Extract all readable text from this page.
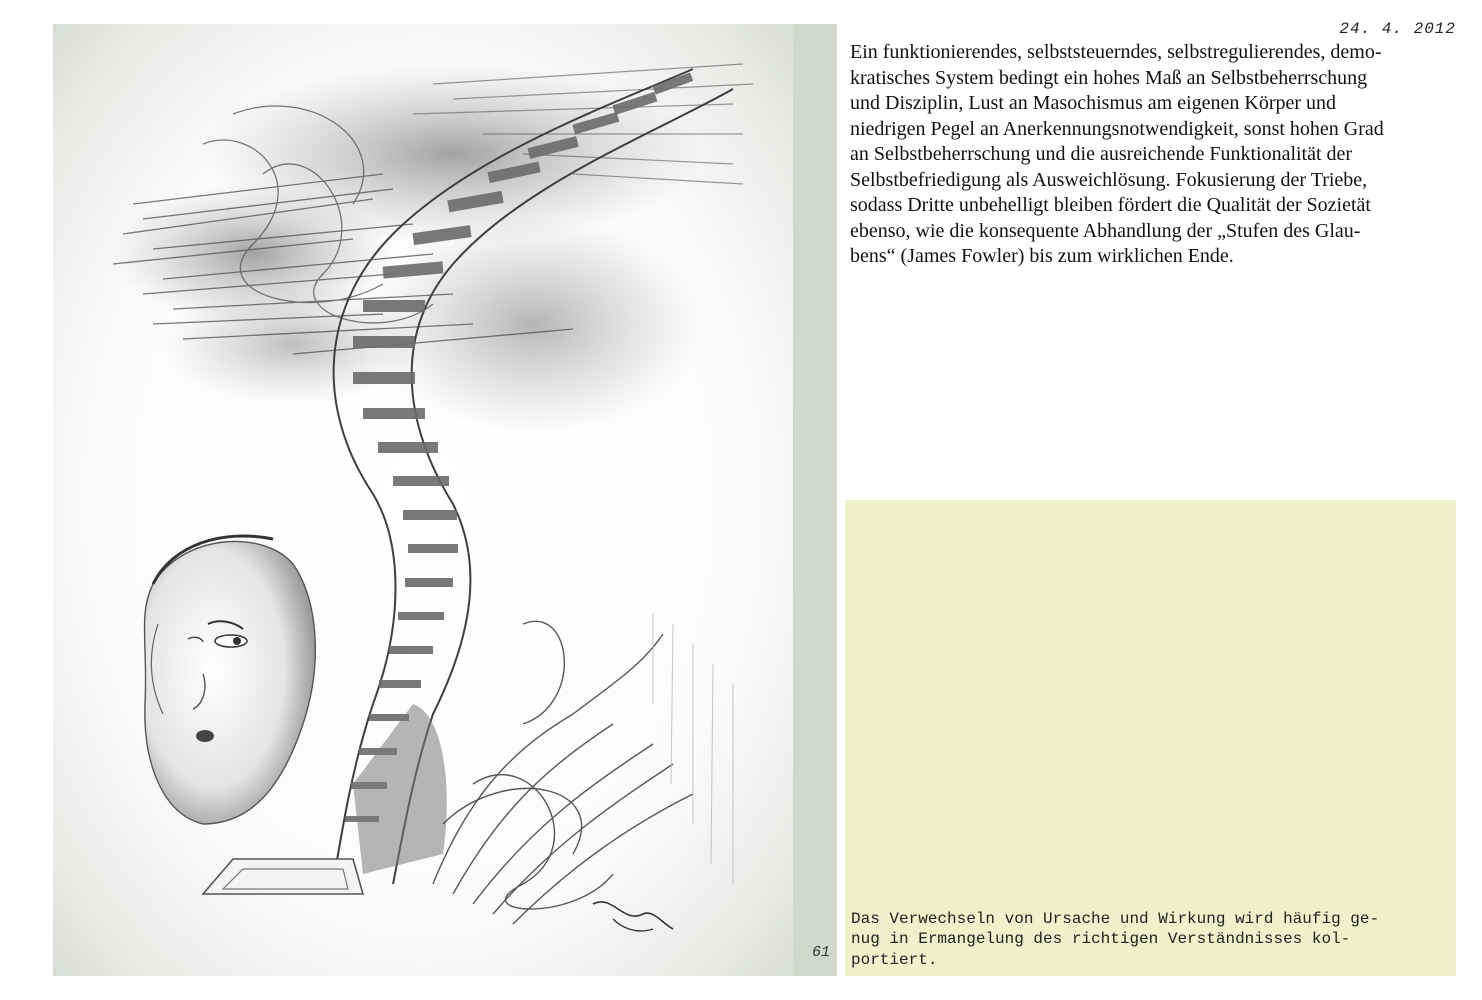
61
24. 4. 2012
Ein funktionierendes, selbststeuerndes, selbstregulierendes, demo-
kratisches System bedingt ein hohes Maß an Selbstbeherrschung
und Disziplin, Lust an Masochismus am eigenen Körper und
niedrigen Pegel an Anerkennungsnotwendigkeit, sonst hohen Grad
an Selbstbeherrschung und die ausreichende Funktionalität der
Selbstbefriedigung als Ausweichlösung. Fokusierung der Triebe,
sodass Dritte unbehelligt bleiben fördert die Qualität der Sozietät
ebenso, wie die konsequente Abhandlung der „Stufen des Glau-
bens“ (James Fowler) bis zum wirklichen Ende.
Das Verwechseln von Ursache und Wirkung wird häufig ge-
nug in Ermangelung des richtigen Verständnisses kol-
portiert.
